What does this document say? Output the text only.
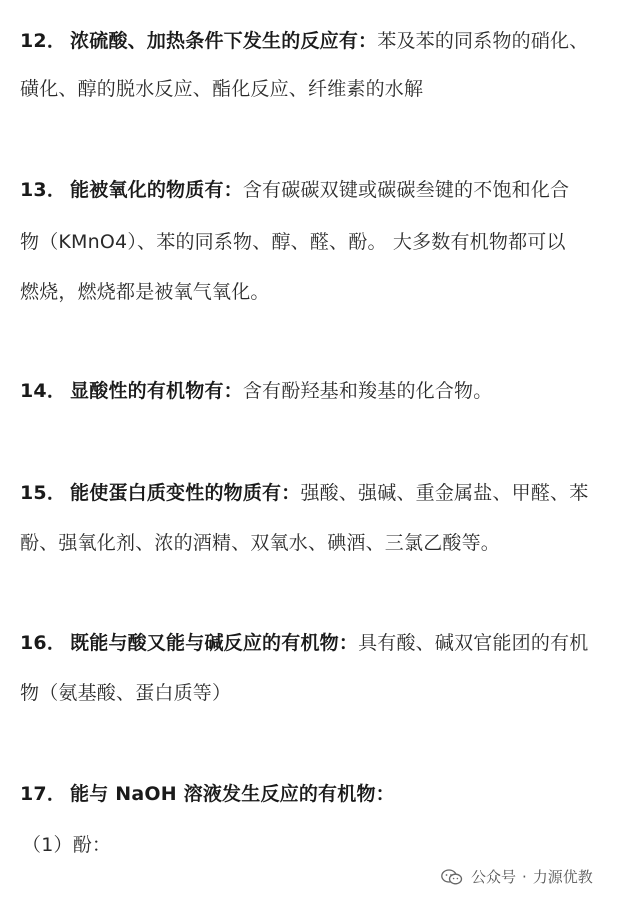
12． 浓硫酸、加热条件下发生的反应有：苯及苯的同系物的硝化、
磺化、醇的脱水反应、酯化反应、纤维素的水解
13． 能被氧化的物质有：含有碳碳双键或碳碳叁键的不饱和化合
物（KMnO4）、苯的同系物、醇、醛、酚。 大多数有机物都可以
燃烧，燃烧都是被氧气氧化。
14． 显酸性的有机物有：含有酚羟基和羧基的化合物。
15． 能使蛋白质变性的物质有：强酸、强碱、重金属盐、甲醛、苯
酚、强氧化剂、浓的酒精、双氧水、碘酒、三氯乙酸等。
16． 既能与酸又能与碱反应的有机物：具有酸、碱双官能团的有机
物（氨基酸、蛋白质等）
17． 能与 NaOH 溶液发生反应的有机物：
（1）酚：
公众号 · 力源优教
